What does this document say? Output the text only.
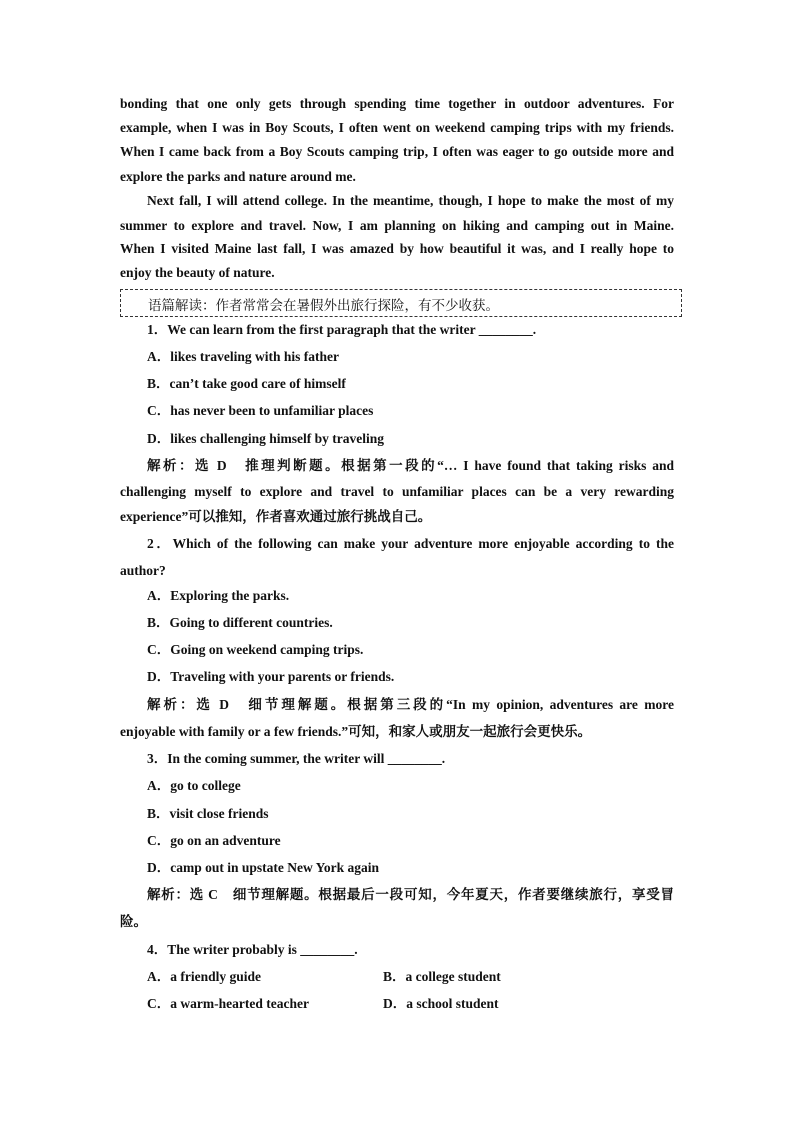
bonding that one only gets through spending time together in outdoor adventures. For
example, when I was in Boy Scouts, I often went on weekend camping trips with my friends.
When I came back from a Boy Scouts camping trip, I often was eager to go outside more and
explore the parks and nature around me.
Next fall, I will attend college. In the meantime, though, I hope to make the most of my
summer to explore and travel. Now, I am planning on hiking and camping out in Maine.
When I visited Maine last fall, I was amazed by how beautiful it was, and I really hope to
enjoy the beauty of nature.
语篇解读：作者常常会在暑假外出旅行探险，有不少收获。
1．We can learn from the first paragraph that the writer ________.
A．likes traveling with his father
B．can’t take good care of himself
C．has never been to unfamiliar places
D．likes challenging himself by traveling
解析：选 D　推理判断题。根据第一段的“… I have found that taking risks and
challenging myself to explore and travel to unfamiliar places can be a very rewarding
experience”可以推知，作者喜欢通过旅行挑战自己。
2．Which of the following can make your adventure more enjoyable according to the
author?
A．Exploring the parks.
B．Going to different countries.
C．Going on weekend camping trips.
D．Traveling with your parents or friends.
解析：选 D　细节理解题。根据第三段的“In my opinion, adventures are more
enjoyable with family or a few friends.”可知，和家人或朋友一起旅行会更快乐。
3．In the coming summer, the writer will ________.
A．go to college
B．visit close friends
C．go on an adventure
D．camp out in upstate New York again
解析：选 C　细节理解题。根据最后一段可知，今年夏天，作者要继续旅行，享受冒
险。
4．The writer probably is ________.
A．a friendly guide	B．a college student
C．a warm-hearted teacher	D．a school student
